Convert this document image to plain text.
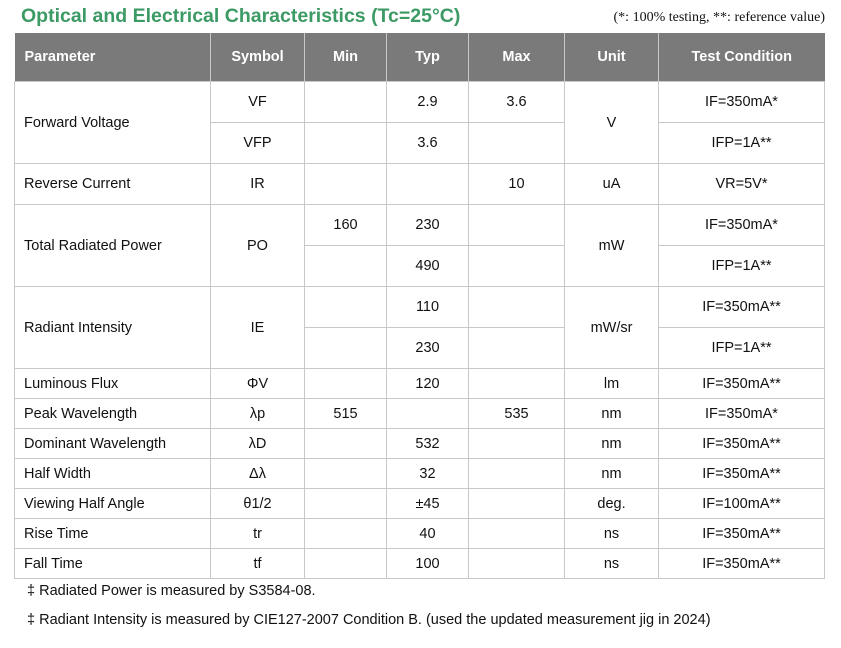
Optical and Electrical Characteristics (Tc=25°C)	(*: 100% testing, **: reference value)
Parameter	Symbol	Min	Typ	Max	Unit	Test Condition
Forward Voltage	VF		2.9	3.6	V	IF=350mA*
	VFP		3.6			IFP=1A**
Reverse Current	IR			10	uA	VR=5V*
Total Radiated Power	PO	160	230		mW	IF=350mA*
			490			IFP=1A**
Radiant Intensity	IE		110		mW/sr	IF=350mA**
			230			IFP=1A**
Luminous Flux	ΦV		120		lm	IF=350mA**
Peak Wavelength	λp	515		535	nm	IF=350mA*
Dominant Wavelength	λD		532		nm	IF=350mA**
Half Width	Δλ		32		nm	IF=350mA**
Viewing Half Angle	θ1/2		±45		deg.	IF=100mA**
Rise Time	tr		40		ns	IF=350mA**
Fall Time	tf		100		ns	IF=350mA**
‡ Radiated Power is measured by S3584-08.
‡ Radiant Intensity is measured by CIE127-2007 Condition B. (used the updated measurement jig in 2024)
